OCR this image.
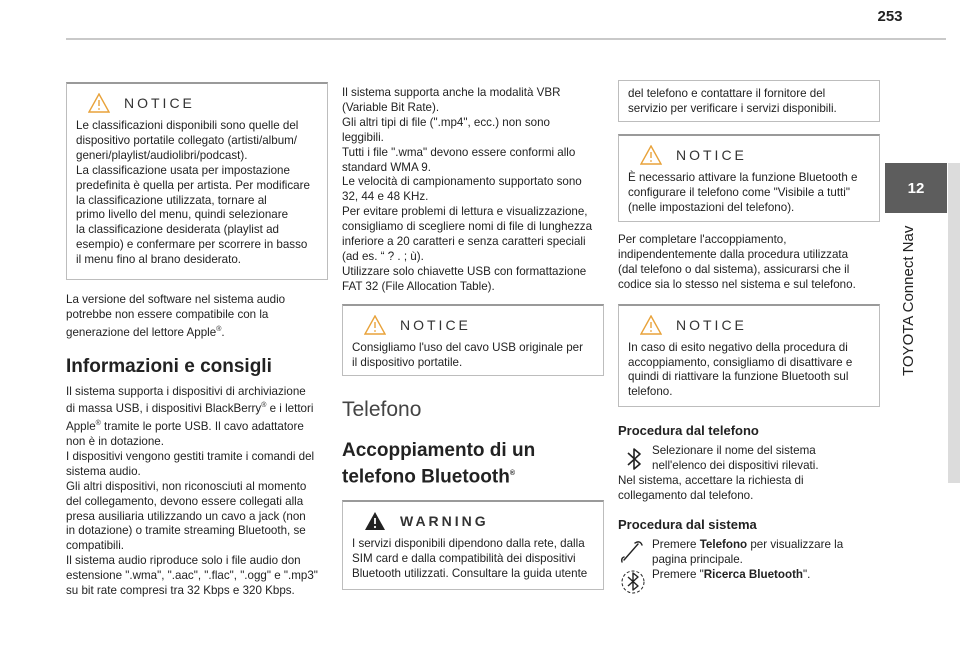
253
12
TOYOTA Connect Nav
NOTICE

Le classificazioni disponibili sono quelle del
dispositivo portatile collegato (artisti/album/
generi/playlist/audiolibri/podcast).
La classificazione usata per impostazione
predefinita è quella per artista. Per modificare
la classificazione utilizzata, tornare al
primo livello del menu, quindi selezionare
la classificazione desiderata (playlist ad
esempio) e confermare per scorrere in basso
il menu fino al brano desiderato.

La versione del software nel sistema audio
potrebbe non essere compatibile con la
generazione del lettore Apple®.

Informazioni e consigli

Il sistema supporta i dispositivi di archiviazione
di massa USB, i dispositivi BlackBerry® e i lettori
Apple® tramite le porte USB. Il cavo adattatore
non è in dotazione.
I dispositivi vengono gestiti tramite i comandi del
sistema audio.
Gli altri dispositivi, non riconosciuti al momento
del collegamento, devono essere collegati alla
presa ausiliaria utilizzando un cavo a jack (non
in dotazione) o tramite streaming Bluetooth, se
compatibili.
Il sistema audio riproduce solo i file audio don
estensione ".wma", ".aac", ".flac", ".ogg" e ".mp3"
su bit rate compresi tra 32 Kbps e 320 Kbps.

Il sistema supporta anche la modalità VBR
(Variable Bit Rate).
Gli altri tipi di file (".mp4", ecc.) non sono
leggibili.
Tutti i file ".wma" devono essere conformi allo
standard WMA 9.
Le velocità di campionamento supportato sono
32, 44 e 48 KHz.
Per evitare problemi di lettura e visualizzazione,
consigliamo di scegliere nomi di file di lunghezza
inferiore a 20 caratteri e senza caratteri speciali
(ad es. “ ? . ; ù).
Utilizzare solo chiavette USB con formattazione
FAT 32 (File Allocation Table).

NOTICE

Consigliamo l'uso del cavo USB originale per
il dispositivo portatile.

Telefono
Accoppiamento di un
telefono Bluetooth®
WARNING

I servizi disponibili dipendono dalla rete, dalla
SIM card e dalla compatibilità dei dispositivi
Bluetooth utilizzati. Consultare la guida utente

del telefono e contattare il fornitore del
servizio per verificare i servizi disponibili.

NOTICE

È necessario attivare la funzione Bluetooth e
configurare il telefono come "Visibile a tutti"
(nelle impostazioni del telefono).

Per completare l'accoppiamento,
indipendentemente dalla procedura utilizzata
(dal telefono o dal sistema), assicurarsi che il
codice sia lo stesso nel sistema e sul telefono.

NOTICE

In caso di esito negativo della procedura di
accoppiamento, consigliamo di disattivare e
quindi di riattivare la funzione Bluetooth sul
telefono.

Procedura dal telefono

Selezionare il nome del sistema
nell'elenco dei dispositivi rilevati.

Nel sistema, accettare la richiesta di
collegamento dal telefono.

Procedura dal sistema

Premere Telefono per visualizzare la
pagina principale.

Premere "Ricerca Bluetooth".
